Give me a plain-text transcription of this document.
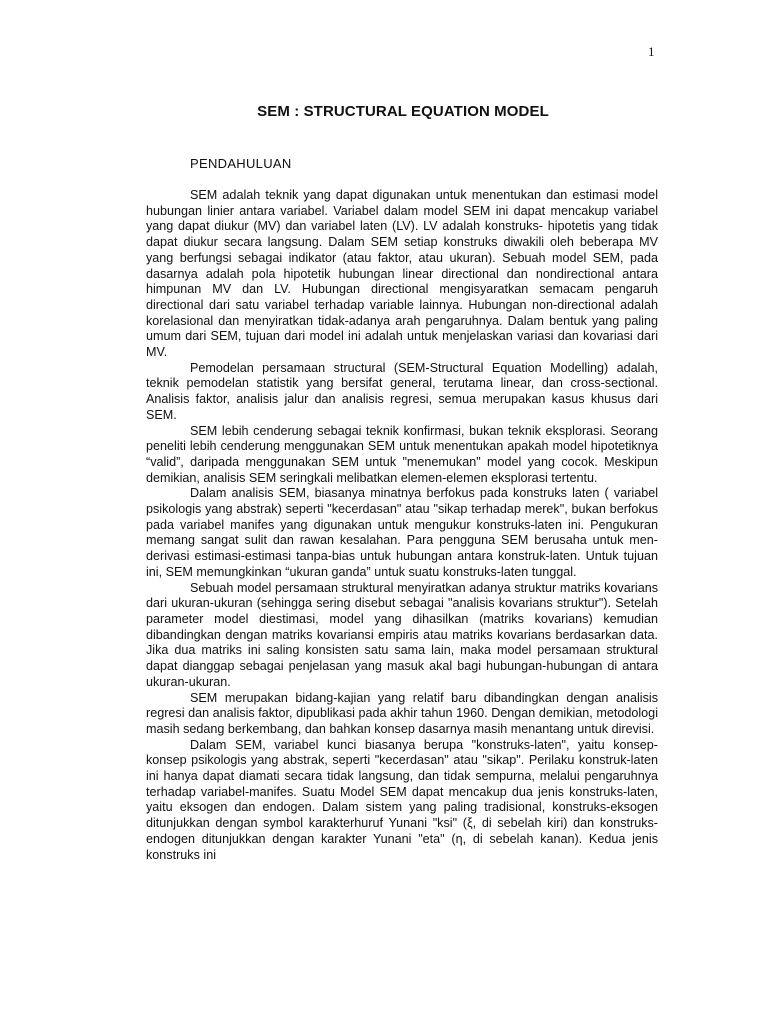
1
SEM : STRUCTURAL EQUATION MODEL
PENDAHULUAN

SEM adalah teknik yang dapat digunakan untuk menentukan dan estimasi model hubungan linier antara variabel. Variabel dalam model SEM ini dapat mencakup variabel yang dapat diukur (MV) dan variabel laten (LV). LV adalah konstruks- hipotetis yang tidak dapat diukur secara langsung. Dalam SEM setiap konstruks diwakili oleh beberapa MV yang berfungsi sebagai indikator (atau faktor, atau ukuran). Sebuah model SEM, pada dasarnya adalah pola hipotetik hubungan linear directional dan nondirectional antara himpunan MV dan LV. Hubungan directional mengisyaratkan semacam pengaruh directional dari satu variabel terhadap variable lainnya. Hubungan non-directional adalah korelasional dan menyiratkan tidak-adanya arah pengaruhnya. Dalam bentuk yang paling umum dari SEM, tujuan dari model ini adalah untuk menjelaskan variasi dan kovariasi dari MV.

Pemodelan persamaan structural (SEM-Structural Equation Modelling) adalah, teknik pemodelan statistik yang bersifat general, terutama linear, dan cross-sectional. Analisis faktor, analisis jalur dan analisis regresi, semua merupakan kasus khusus dari SEM.

SEM lebih cenderung sebagai teknik konfirmasi, bukan teknik eksplorasi. Seorang peneliti lebih cenderung menggunakan SEM untuk menentukan apakah model hipotetiknya “valid”, daripada menggunakan SEM untuk "menemukan" model yang cocok. Meskipun demikian, analisis SEM seringkali melibatkan elemen-elemen eksplorasi tertentu.

Dalam analisis SEM, biasanya minatnya berfokus pada konstruks laten ( variabel psikologis yang abstrak) seperti "kecerdasan" atau "sikap terhadap merek", bukan berfokus pada variabel manifes yang digunakan untuk mengukur konstruks-laten ini. Pengukuran memang sangat sulit dan rawan kesalahan. Para pengguna SEM berusaha untuk men-derivasi estimasi-estimasi tanpa-bias untuk hubungan antara konstruk-laten. Untuk tujuan ini, SEM memungkinkan “ukuran ganda” untuk suatu konstruks-laten tunggal.

Sebuah model persamaan struktural menyiratkan adanya struktur matriks kovarians dari ukuran-ukuran (sehingga sering disebut sebagai "analisis kovarians struktur"). Setelah parameter model diestimasi, model yang dihasilkan (matriks kovarians) kemudian dibandingkan dengan matriks kovariansi empiris atau matriks kovarians berdasarkan data. Jika dua matriks ini saling konsisten satu sama lain, maka model persamaan struktural dapat dianggap sebagai penjelasan yang masuk akal bagi hubungan-hubungan di antara ukuran-ukuran.

SEM merupakan bidang-kajian yang relatif baru dibandingkan dengan analisis regresi dan analisis faktor, dipublikasi pada akhir tahun 1960. Dengan demikian, metodologi masih sedang berkembang, dan bahkan konsep dasarnya masih menantang untuk direvisi.

Dalam SEM, variabel kunci biasanya berupa "konstruks-laten", yaitu konsep-konsep psikologis yang abstrak, seperti "kecerdasan" atau "sikap". Perilaku konstruk-laten ini hanya dapat diamati secara tidak langsung, dan tidak sempurna, melalui pengaruhnya terhadap variabel-manifes. Suatu Model SEM dapat mencakup dua jenis konstruks-laten, yaitu eksogen dan endogen. Dalam sistem yang paling tradisional, konstruks-eksogen ditunjukkan dengan symbol karakterhuruf Yunani "ksi" (ξ, di sebelah kiri) dan konstruks-endogen ditunjukkan dengan karakter Yunani "eta" (η, di sebelah kanan). Kedua jenis konstruks ini
